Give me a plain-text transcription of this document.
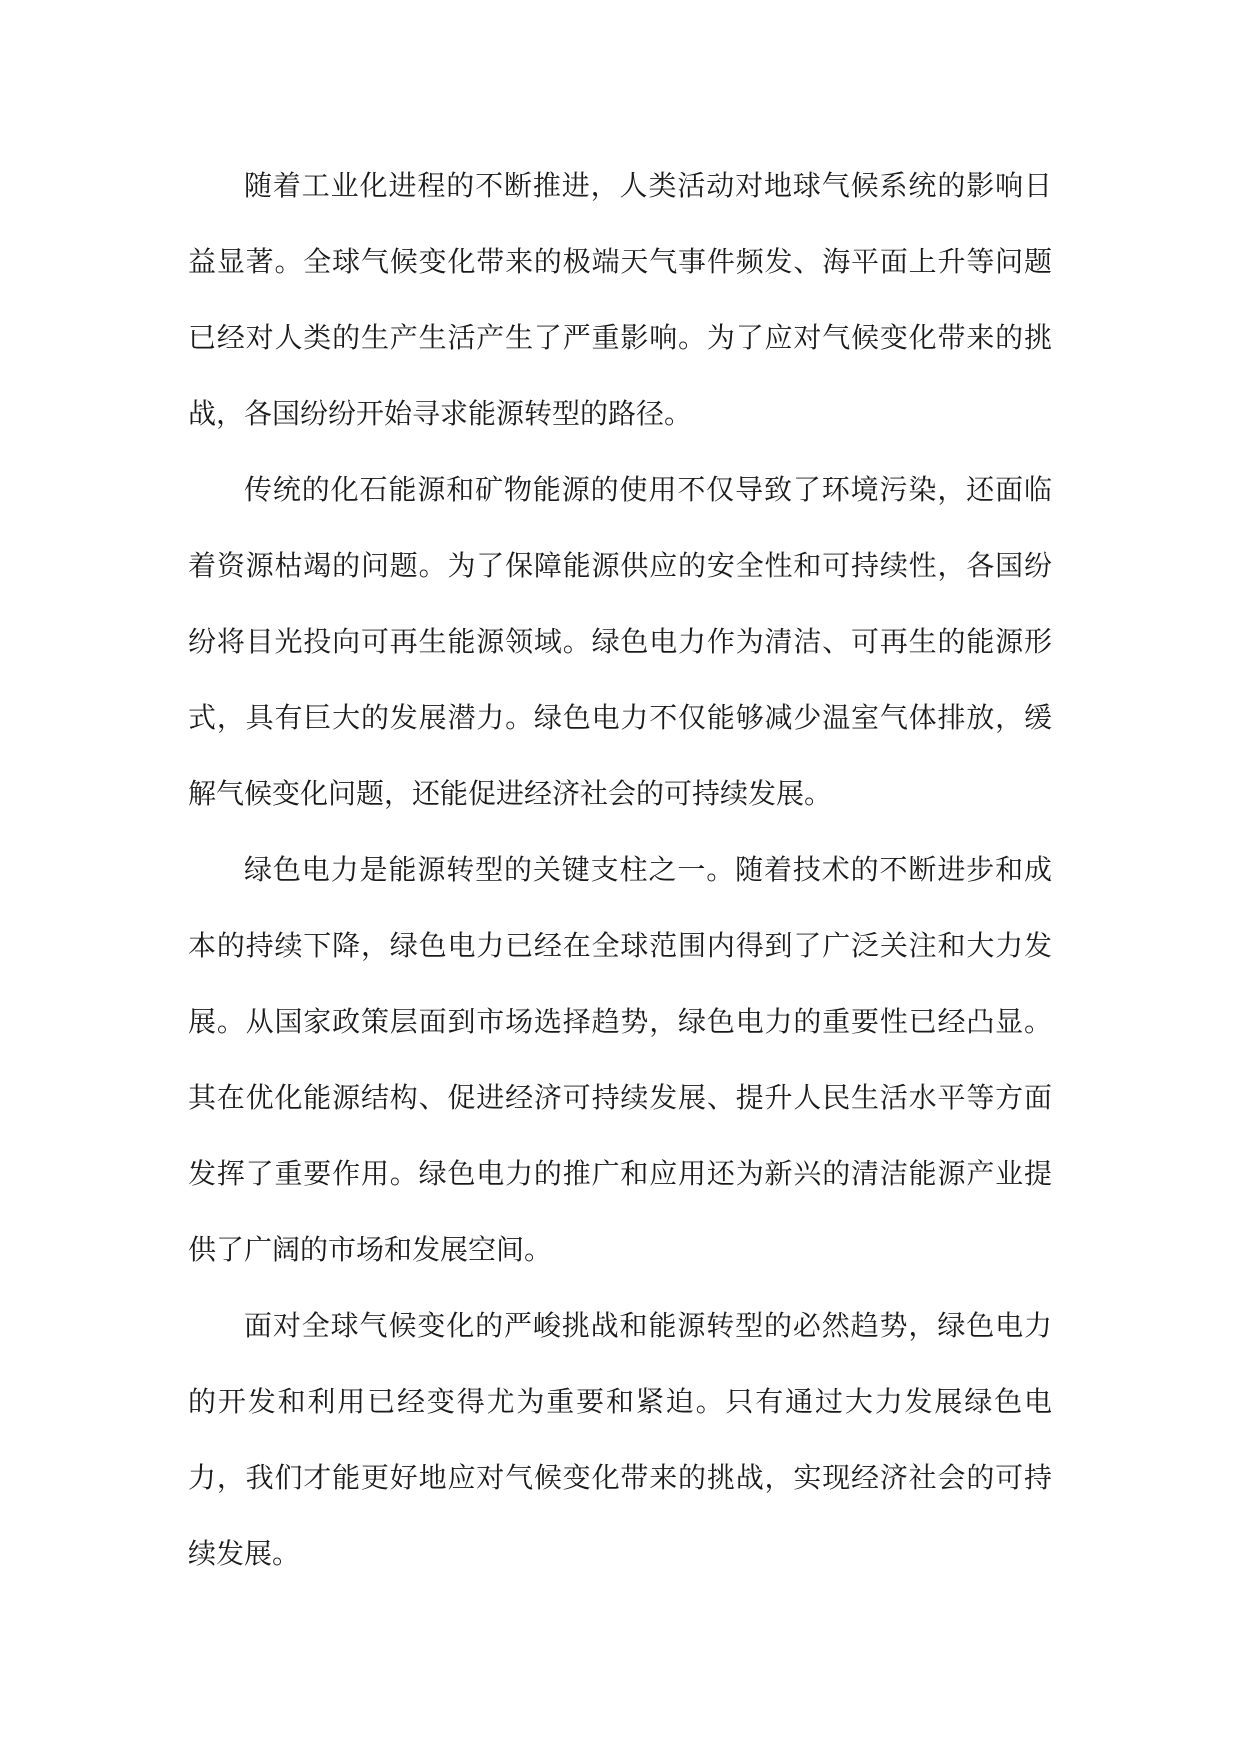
随着工业化进程的不断推进，人类活动对地球气候系统的影响日益显著。全球气候变化带来的极端天气事件频发、海平面上升等问题已经对人类的生产生活产生了严重影响。为了应对气候变化带来的挑战，各国纷纷开始寻求能源转型的路径。

传统的化石能源和矿物能源的使用不仅导致了环境污染，还面临着资源枯竭的问题。为了保障能源供应的安全性和可持续性，各国纷纷将目光投向可再生能源领域。绿色电力作为清洁、可再生的能源形式，具有巨大的发展潜力。绿色电力不仅能够减少温室气体排放，缓解气候变化问题，还能促进经济社会的可持续发展。

绿色电力是能源转型的关键支柱之一。随着技术的不断进步和成本的持续下降，绿色电力已经在全球范围内得到了广泛关注和大力发展。从国家政策层面到市场选择趋势，绿色电力的重要性已经凸显。其在优化能源结构、促进经济可持续发展、提升人民生活水平等方面发挥了重要作用。绿色电力的推广和应用还为新兴的清洁能源产业提供了广阔的市场和发展空间。

面对全球气候变化的严峻挑战和能源转型的必然趋势，绿色电力的开发和利用已经变得尤为重要和紧迫。只有通过大力发展绿色电力，我们才能更好地应对气候变化带来的挑战，实现经济社会的可持续发展。
